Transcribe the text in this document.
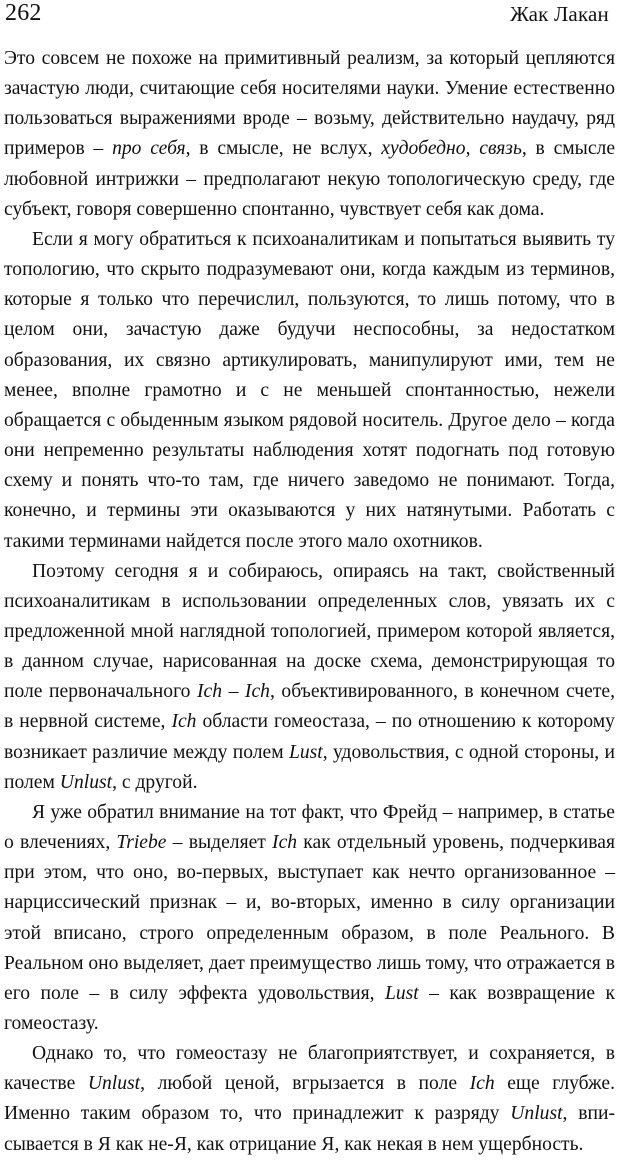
262	Жак Лакан

Это совсем не похоже на примитивный реализм, за который цепляются зачастую люди, считающие себя носителями науки. Умение естественно пользоваться выражениями вроде – возьму, действительно наудачу, ряд примеров – про себя, в смысле, не вслух, худобедно, связь, в смысле любовной интрижки – предполагают некую топологическую среду, где субъект, говоря совершенно спонтанно, чувствует себя как дома.

Если я могу обратиться к психоаналитикам и попытаться выявить ту топологию, что скрыто подразумевают они, когда каждым из терминов, которые я только что перечислил, пользуются, то лишь потому, что в целом они, зачастую даже будучи неспособны, за недостатком образования, их связно артикулировать, манипулируют ими, тем не менее, вполне грамотно и с не меньшей спонтанностью, нежели обращается с обыденным языком рядовой носитель. Другое дело – когда они непременно результаты наблюдения хотят подогнать под готовую схему и понять что-то там, где ничего заведомо не понимают. Тогда, конечно, и термины эти оказываются у них натянутыми. Работать с такими терминами найдется после этого мало охотников.

Поэтому сегодня я и собираюсь, опираясь на такт, свойственный психоаналитикам в использовании определенных слов, увязать их с предложенной мной наглядной топологией, примером которой является, в данном случае, нарисованная на доске схема, демонстрирующая то поле первоначального Ich – Ich, объективированного, в конечном счете, в нервной системе, Ich области гомеостаза, – по отношению к которому возникает различие между полем Lust, удовольствия, с одной стороны, и полем Unlust, с другой.

Я уже обратил внимание на тот факт, что Фрейд – например, в статье о влечениях, Triebe – выделяет Ich как отдельный уровень, подчеркивая при этом, что оно, во-первых, выступает как нечто организованное – нарциссический признак – и, во-вторых, именно в силу организации этой вписано, строго определенным образом, в поле Реального. В Реальном оно выделяет, дает преимущество лишь тому, что отражается в его поле – в силу эффекта удовольствия, Lust – как возвращение к гомеостазу.

Однако то, что гомеостазу не благоприятствует, и сохраняется, в качестве Unlust, любой ценой, вгрызается в поле Ich еще глубже. Именно таким образом то, что принадлежит к разряду Unlust, вписывается в Я как не-Я, как отрицание Я, как некая в нем ущербность.
